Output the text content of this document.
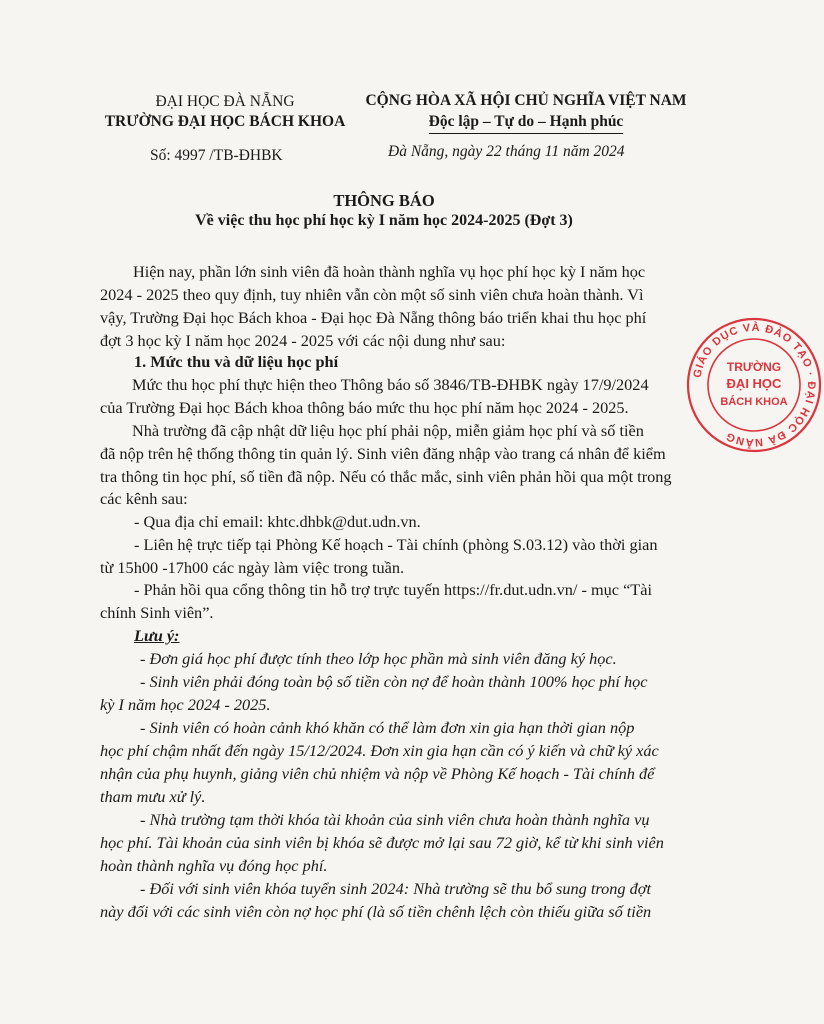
ĐẠI HỌC ĐÀ NẴNG
TRƯỜNG ĐẠI HỌC BÁCH KHOA
CỘNG HÒA XÃ HỘI CHỦ NGHĨA VIỆT NAM
Độc lập – Tự do – Hạnh phúc
Số: 4997 /TB-ĐHBK	Đà Nẵng, ngày 22 tháng 11 năm 2024
THÔNG BÁO
Về việc thu học phí học kỳ I năm học 2024-2025 (Đợt 3)
Hiện nay, phần lớn sinh viên đã hoàn thành nghĩa vụ học phí học kỳ I năm học
2024 - 2025 theo quy định, tuy nhiên vẫn còn một số sinh viên chưa hoàn thành. Vì
vậy, Trường Đại học Bách khoa - Đại học Đà Nẵng thông báo triển khai thu học phí
đợt 3 học kỳ I năm học 2024 - 2025 với các nội dung như sau:
1. Mức thu và dữ liệu học phí
Mức thu học phí thực hiện theo Thông báo số 3846/TB-ĐHBK ngày 17/9/2024
của Trường Đại học Bách khoa thông báo mức thu học phí năm học 2024 - 2025.
Nhà trường đã cập nhật dữ liệu học phí phải nộp, miễn giảm học phí và số tiền
đã nộp trên hệ thống thông tin quản lý. Sinh viên đăng nhập vào trang cá nhân để kiểm
tra thông tin học phí, số tiền đã nộp. Nếu có thắc mắc, sinh viên phản hồi qua một trong
các kênh sau:
- Qua địa chỉ email: khtc.dhbk@dut.udn.vn.
- Liên hệ trực tiếp tại Phòng Kế hoạch - Tài chính (phòng S.03.12) vào thời gian
từ 15h00 -17h00 các ngày làm việc trong tuần.
- Phản hồi qua cổng thông tin hỗ trợ trực tuyến https://fr.dut.udn.vn/ - mục “Tài
chính Sinh viên”.
Lưu ý:
- Đơn giá học phí được tính theo lớp học phần mà sinh viên đăng ký học.
- Sinh viên phải đóng toàn bộ số tiền còn nợ để hoàn thành 100% học phí học
kỳ I năm học 2024 - 2025.
- Sinh viên có hoàn cảnh khó khăn có thể làm đơn xin gia hạn thời gian nộp
học phí chậm nhất đến ngày 15/12/2024. Đơn xin gia hạn cần có ý kiến và chữ ký xác
nhận của phụ huynh, giảng viên chủ nhiệm và nộp về Phòng Kế hoạch - Tài chính để
tham mưu xử lý.
- Nhà trường tạm thời khóa tài khoản của sinh viên chưa hoàn thành nghĩa vụ
học phí. Tài khoản của sinh viên bị khóa sẽ được mở lại sau 72 giờ, kể từ khi sinh viên
hoàn thành nghĩa vụ đóng học phí.
- Đối với sinh viên khóa tuyển sinh 2024: Nhà trường sẽ thu bổ sung trong đợt
này đối với các sinh viên còn nợ học phí (là số tiền chênh lệch còn thiếu giữa số tiền
GIÁO DỤC VÀ ĐÀO TẠO · ĐẠI HỌC ĐÀ NẴNG
TRƯỜNG
ĐẠI HỌC
BÁCH KHOA
